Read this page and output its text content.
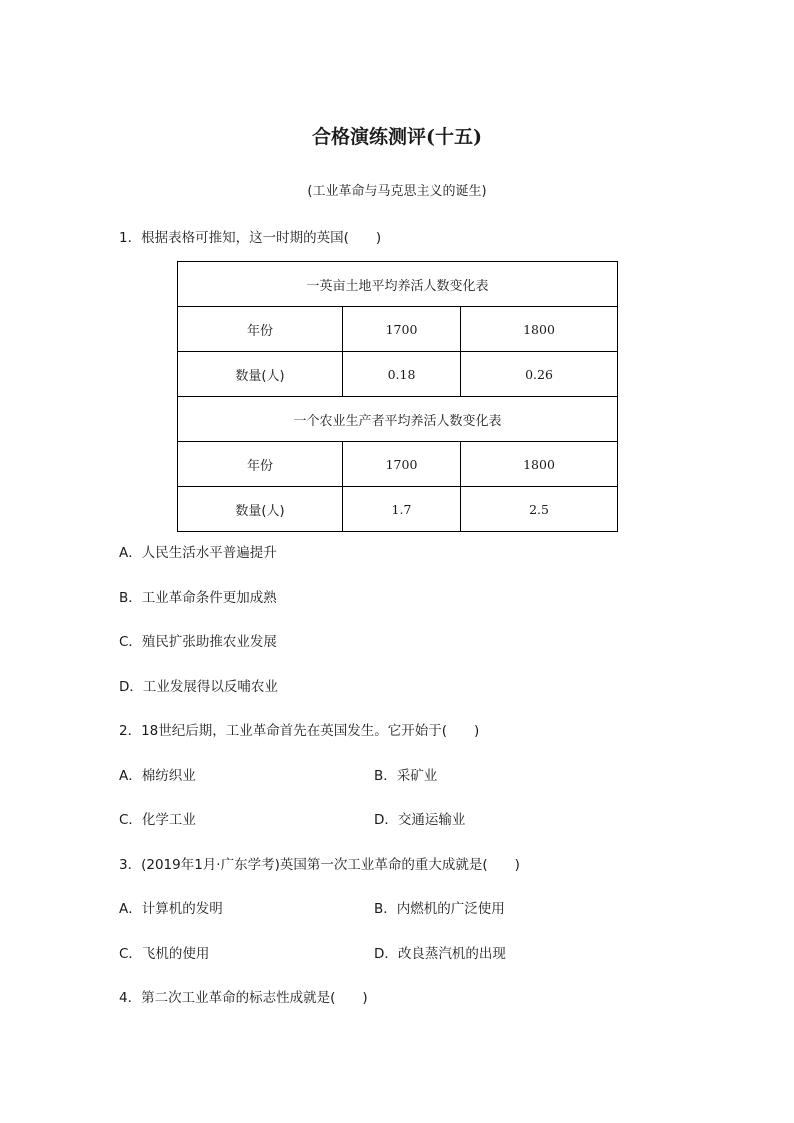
合格演练测评(十五)
(工业革命与马克思主义的诞生)
1．根据表格可推知，这一时期的英国(　　)
一英亩土地平均养活人数变化表		
年份	1700	1800
数量(人)	0.18	0.26
一个农业生产者平均养活人数变化表		
年份	1700	1800
数量(人)	1.7	2.5
A．人民生活水平普遍提升
B．工业革命条件更加成熟
C．殖民扩张助推农业发展
D．工业发展得以反哺农业
2．18世纪后期，工业革命首先在英国发生。它开始于(　　)
A．棉纺织业	B．采矿业
C．化学工业	D．交通运输业
3．(2019年1月·广东学考)英国第一次工业革命的重大成就是(　　)
A．计算机的发明	B．内燃机的广泛使用
C．飞机的使用	D．改良蒸汽机的出现
4．第二次工业革命的标志性成就是(　　)
